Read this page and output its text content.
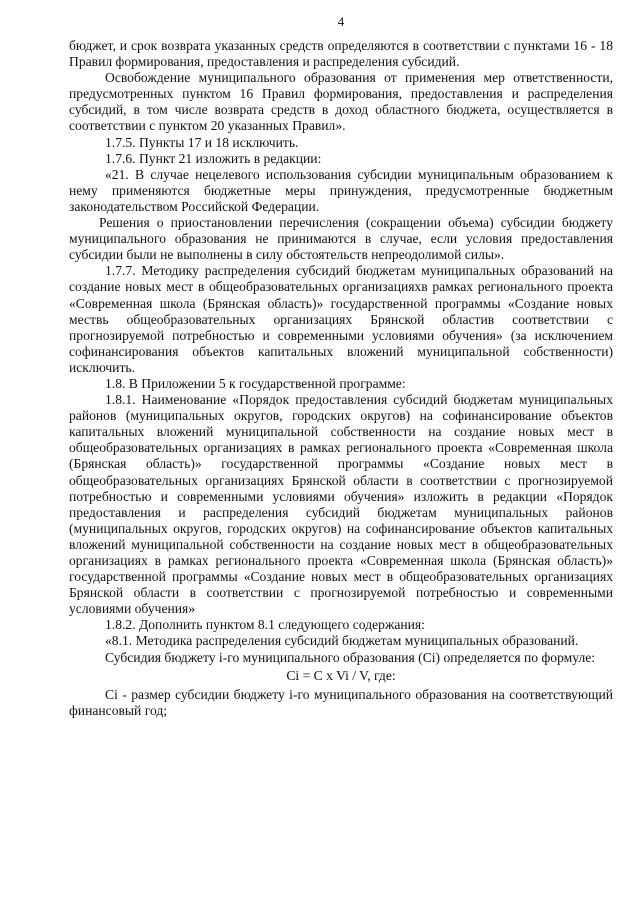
4

бюджет, и срок возврата указанных средств определяются в соответствии с пунктами 16 - 18 Правил формирования, предоставления и распределения субсидий.

Освобождение муниципального образования от применения мер ответственности, предусмотренных пунктом 16 Правил формирования, предоставления и распределения субсидий, в том числе возврата средств в доход областного бюджета, осуществляется в соответствии с пунктом 20 указанных Правил».

1.7.5. Пункты 17 и 18 исключить.

1.7.6. Пункт 21 изложить в редакции:

«21. В случае нецелевого использования субсидии муниципальным образованием к нему применяются бюджетные меры принуждения, предусмотренные бюджетным законодательством Российской Федерации.

Решения о приостановлении перечисления (сокращении объема) субсидии бюджету муниципального образования не принимаются в случае, если условия предоставления субсидии были не выполнены в силу обстоятельств непреодолимой силы».

1.7.7. Методику распределения субсидий бюджетам муниципальных образований на создание новых мест в общеобразовательных организацияхв рамках регионального проекта «Современная школа (Брянская область)» государственной программы «Создание новых мествь общеобразовательных организациях Брянской областив соответствии с прогнозируемой потребностью и современными условиями обучения» (за исключением софинансирования объектов капитальных вложений муниципальной собственности) исключить.

1.8. В Приложении 5 к государственной программе:

1.8.1. Наименование «Порядок предоставления субсидий бюджетам муниципальных районов (муниципальных округов, городских округов) на софинансирование объектов капитальных вложений муниципальной собственности на создание новых мест в общеобразовательных организациях в рамках регионального проекта «Современная школа (Брянская область)» государственной программы «Создание новых мест в общеобразовательных организациях Брянской области в соответствии с прогнозируемой потребностью и современными условиями обучения» изложить в редакции «Порядок предоставления и распределения субсидий бюджетам муниципальных районов (муниципальных округов, городских округов) на софинансирование объектов капитальных вложений муниципальной собственности на создание новых мест в общеобразовательных организациях в рамках регионального проекта «Современная школа (Брянская область)» государственной программы «Создание новых мест в общеобразовательных организациях Брянской области в соответствии с прогнозируемой потребностью и современными условиями обучения»

1.8.2. Дополнить пунктом 8.1 следующего содержания:

«8.1. Методика распределения субсидий бюджетам муниципальных образований.

Субсидия бюджету i-го муниципального образования (Ci) определяется по формуле:

Ci = C x Vi / V, где:

Ci - размер субсидии бюджету i-го муниципального образования на соответствующий финансовый год;
